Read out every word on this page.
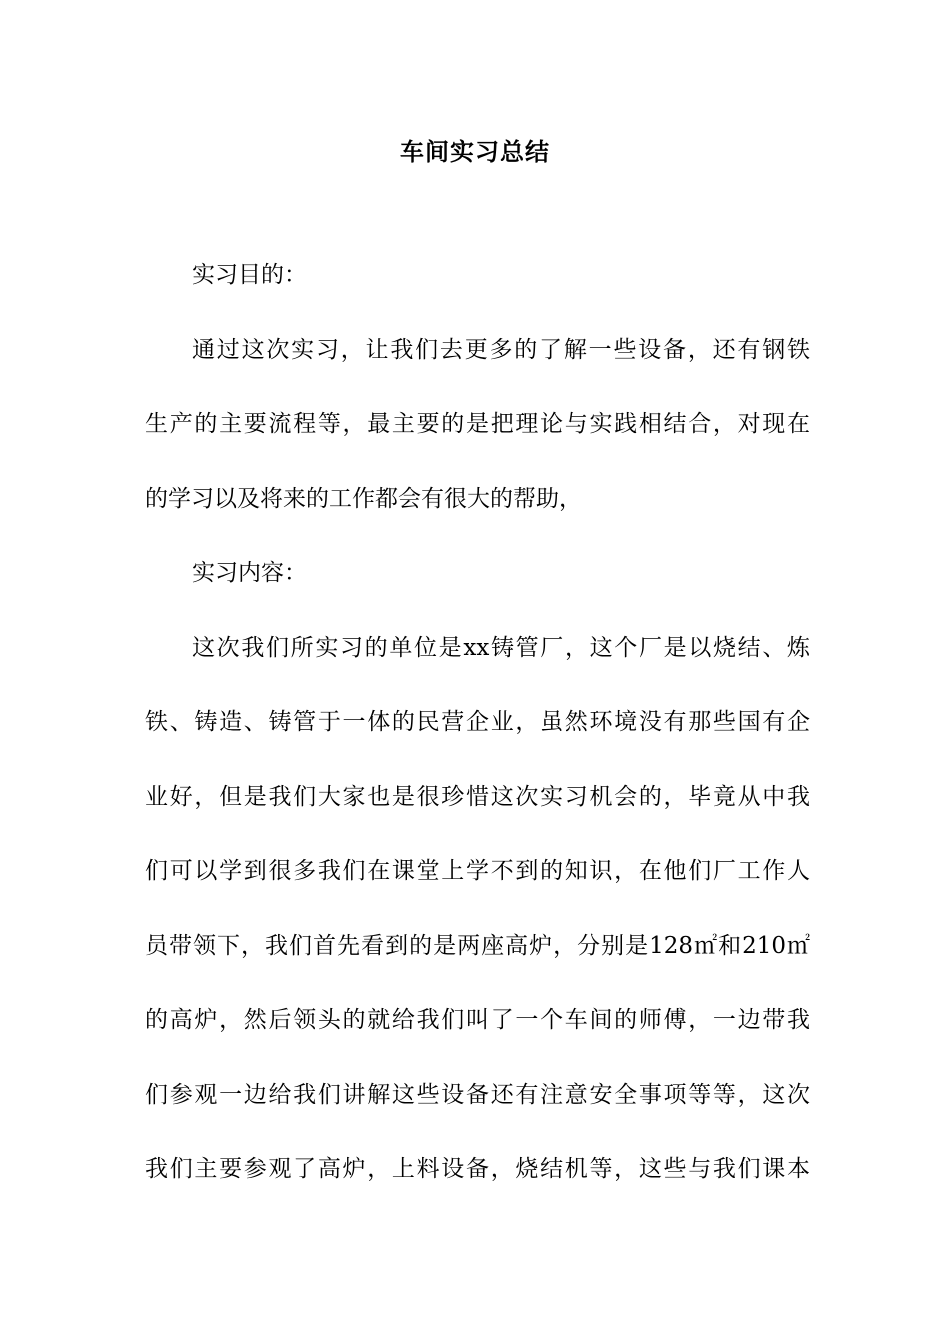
车间实习总结

实习目的：

通过这次实习，让我们去更多的了解一些设备，还有钢铁

生产的主要流程等，最主要的是把理论与实践相结合，对现在

的学习以及将来的工作都会有很大的帮助，

实习内容：

这次我们所实习的单位是xx铸管厂，这个厂是以烧结、炼

铁、铸造、铸管于一体的民营企业，虽然环境没有那些国有企

业好，但是我们大家也是很珍惜这次实习机会的，毕竟从中我

们可以学到很多我们在课堂上学不到的知识，在他们厂工作人

员带领下，我们首先看到的是两座高炉，分别是128㎡和210㎡

的高炉，然后领头的就给我们叫了一个车间的师傅，一边带我

们参观一边给我们讲解这些设备还有注意安全事项等等，这次

我们主要参观了高炉，上料设备，烧结机等，这些与我们课本
